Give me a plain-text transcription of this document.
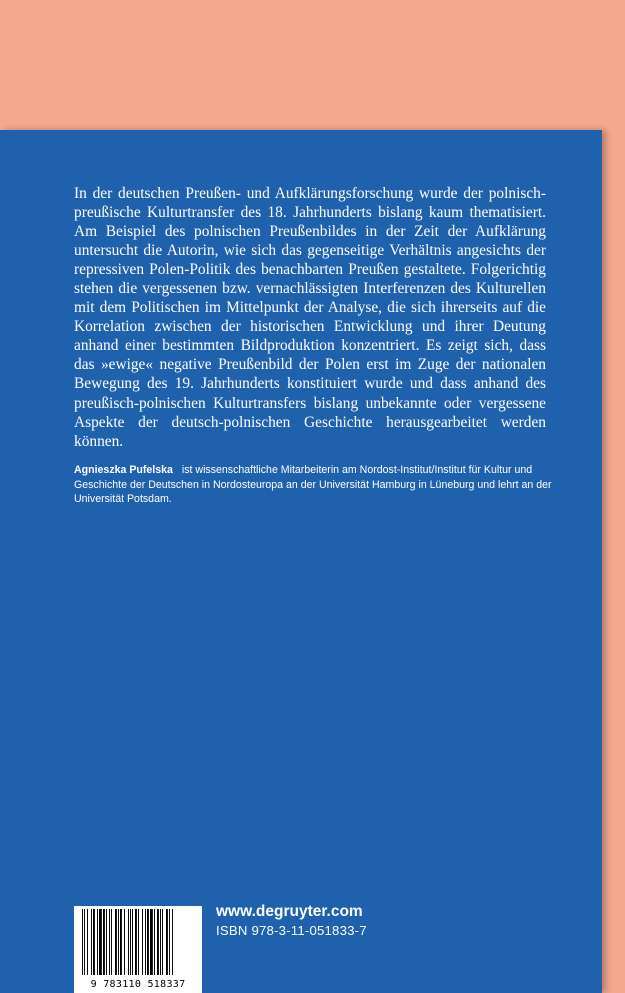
In der deutschen Preußen- und Aufklärungsforschung wurde der polnisch-preußische Kulturtransfer des 18. Jahrhunderts bislang kaum thematisiert. Am Beispiel des polnischen Preußenbildes in der Zeit der Aufklärung untersucht die Autorin, wie sich das gegenseitige Verhältnis angesichts der repressiven Polen-Politik des benachbarten Preußen gestaltete. Folgerichtig stehen die vergessenen bzw. vernachlässigten Interferenzen des Kulturellen mit dem Politischen im Mittelpunkt der Analyse, die sich ihrerseits auf die Korrelation zwischen der historischen Entwicklung und ihrer Deutung anhand einer bestimmten Bildproduktion konzentriert. Es zeigt sich, dass das »ewige« negative Preußenbild der Polen erst im Zuge der nationalen Bewegung des 19. Jahrhunderts konstituiert wurde und dass anhand des preußisch-polnischen Kulturtransfers bislang unbekannte oder vergessene Aspekte der deutsch-polnischen Geschichte herausgearbeitet werden können.

Agnieszka Pufelska ist wissenschaftliche Mitarbeiterin am Nordost-Institut/Institut für Kultur und Geschichte der Deutschen in Nordosteuropa an der Universität Hamburg in Lüneburg und lehrt an der Universität Potsdam.

9 783110 518337
www.degruyter.com
ISBN 978-3-11-051833-7
